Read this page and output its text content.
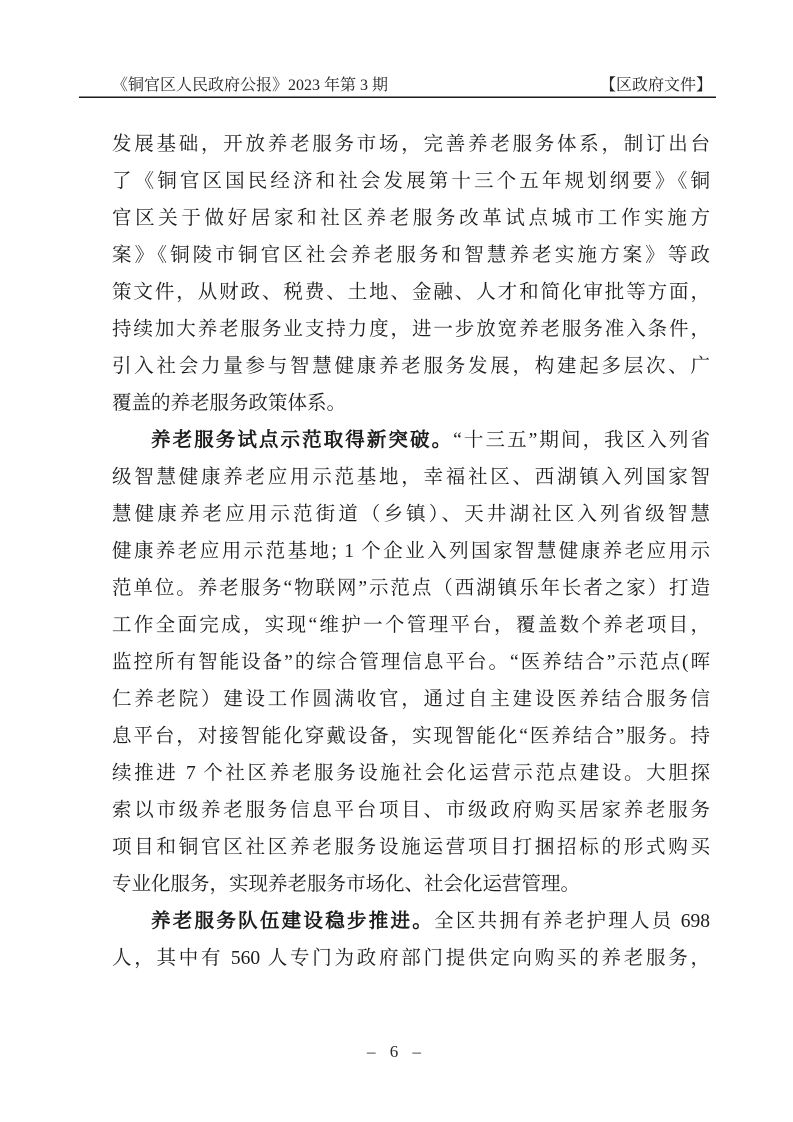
《铜官区人民政府公报》2023 年第 3 期	【区政府文件】
发展基础，开放养老服务市场，完善养老服务体系，制订出台
了《铜官区国民经济和社会发展第十三个五年规划纲要》《铜
官区关于做好居家和社区养老服务改革试点城市工作实施方
案》《铜陵市铜官区社会养老服务和智慧养老实施方案》等政
策文件，从财政、税费、土地、金融、人才和简化审批等方面，
持续加大养老服务业支持力度，进一步放宽养老服务准入条件，
引入社会力量参与智慧健康养老服务发展，构建起多层次、广
覆盖的养老服务政策体系。
养老服务试点示范取得新突破。“十三五”期间，我区入列省
级智慧健康养老应用示范基地，幸福社区、西湖镇入列国家智
慧健康养老应用示范街道（乡镇）、天井湖社区入列省级智慧
健康养老应用示范基地; 1 个企业入列国家智慧健康养老应用示
范单位。养老服务“物联网”示范点（西湖镇乐年长者之家）打造
工作全面完成，实现“维护一个管理平台，覆盖数个养老项目，
监控所有智能设备”的综合管理信息平台。“医养结合”示范点(晖
仁养老院）建设工作圆满收官，通过自主建设医养结合服务信
息平台，对接智能化穿戴设备，实现智能化“医养结合”服务。持
续推进 7 个社区养老服务设施社会化运营示范点建设。大胆探
索以市级养老服务信息平台项目、市级政府购买居家养老服务
项目和铜官区社区养老服务设施运营项目打捆招标的形式购买
专业化服务，实现养老服务市场化、社会化运营管理。
养老服务队伍建设稳步推进。全区共拥有养老护理人员 698
人，其中有 560 人专门为政府部门提供定向购买的养老服务，
– 6 –
